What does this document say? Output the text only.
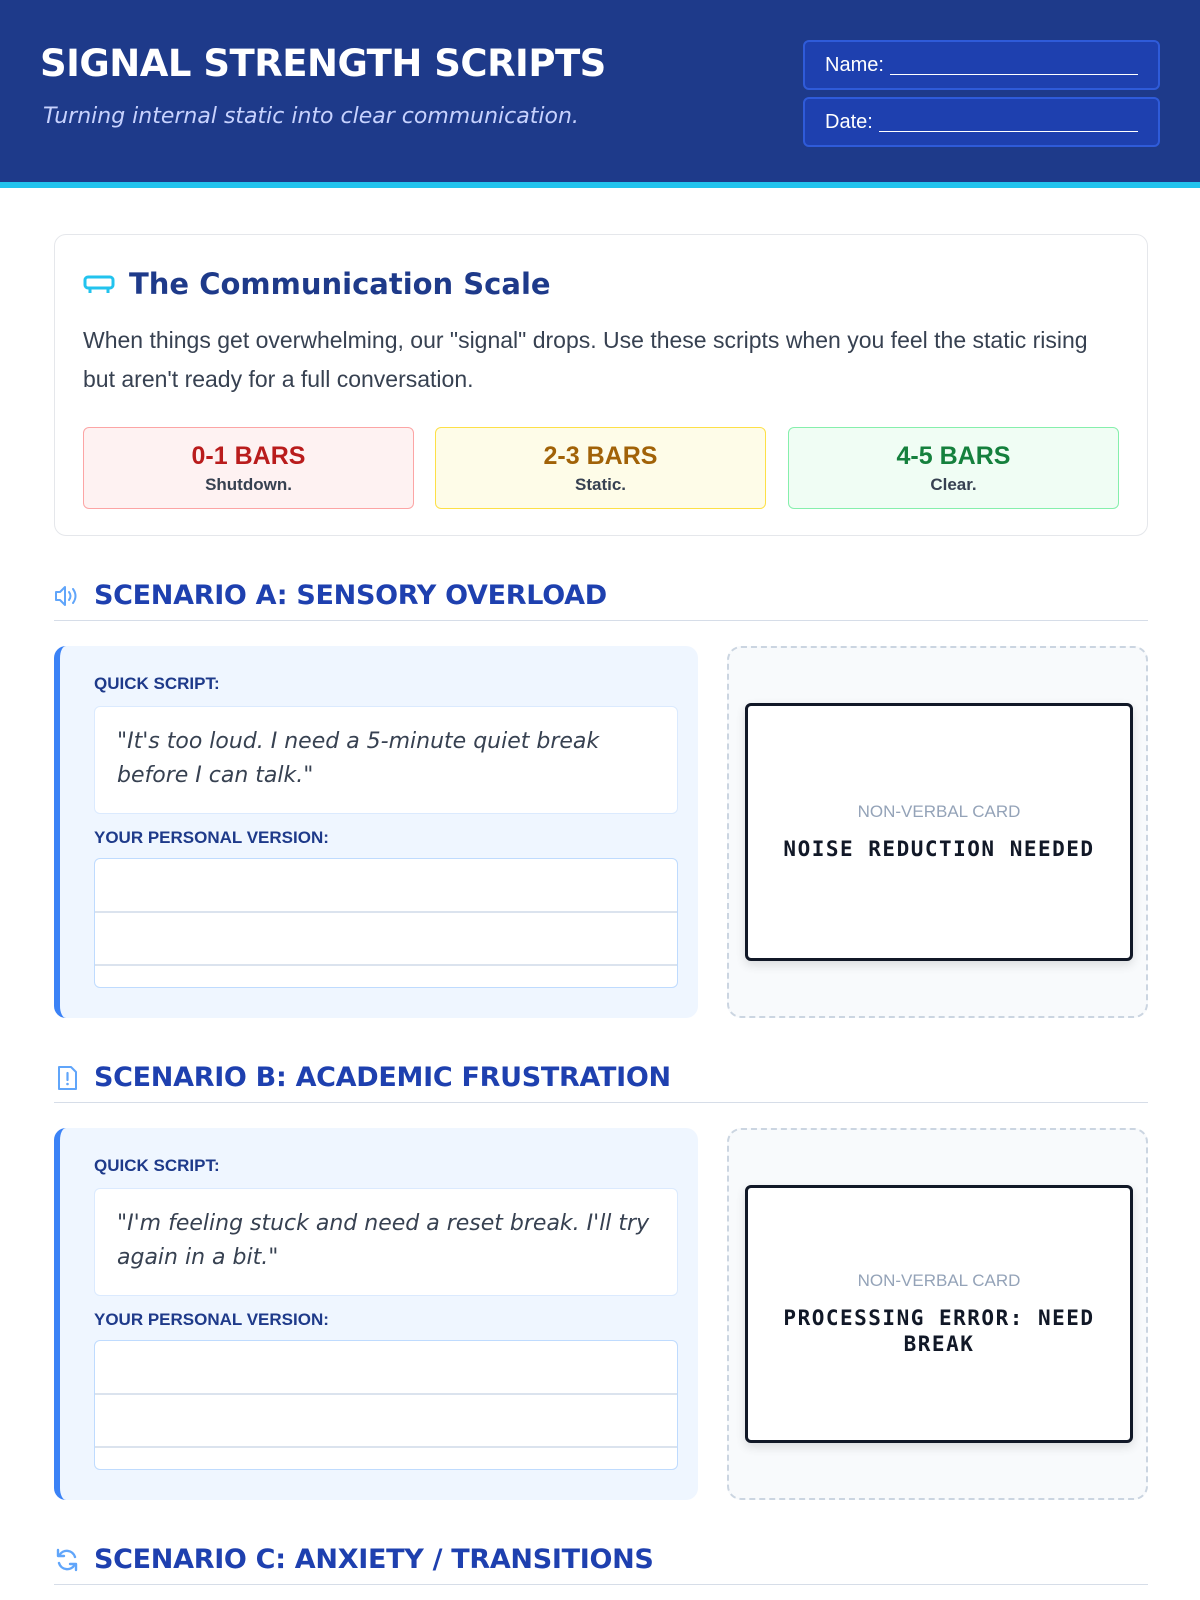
SIGNAL STRENGTH SCRIPTS
Turning internal static into clear communication.
Name:
Date:
The Communication Scale
When things get overwhelming, our "signal" drops. Use these scripts when you feel the static rising but aren't ready for a full conversation.
0-1 BARS
Shutdown.
2-3 BARS
Static.
4-5 BARS
Clear.
SCENARIO A: SENSORY OVERLOAD
QUICK SCRIPT:
"It's too loud. I need a 5-minute quiet break before I can talk."
YOUR PERSONAL VERSION:
NON-VERBAL CARD
NOISE REDUCTION NEEDED
SCENARIO B: ACADEMIC FRUSTRATION
QUICK SCRIPT:
"I'm feeling stuck and need a reset break. I'll try again in a bit."
YOUR PERSONAL VERSION:
NON-VERBAL CARD
PROCESSING ERROR: NEED BREAK
SCENARIO C: ANXIETY / TRANSITIONS
